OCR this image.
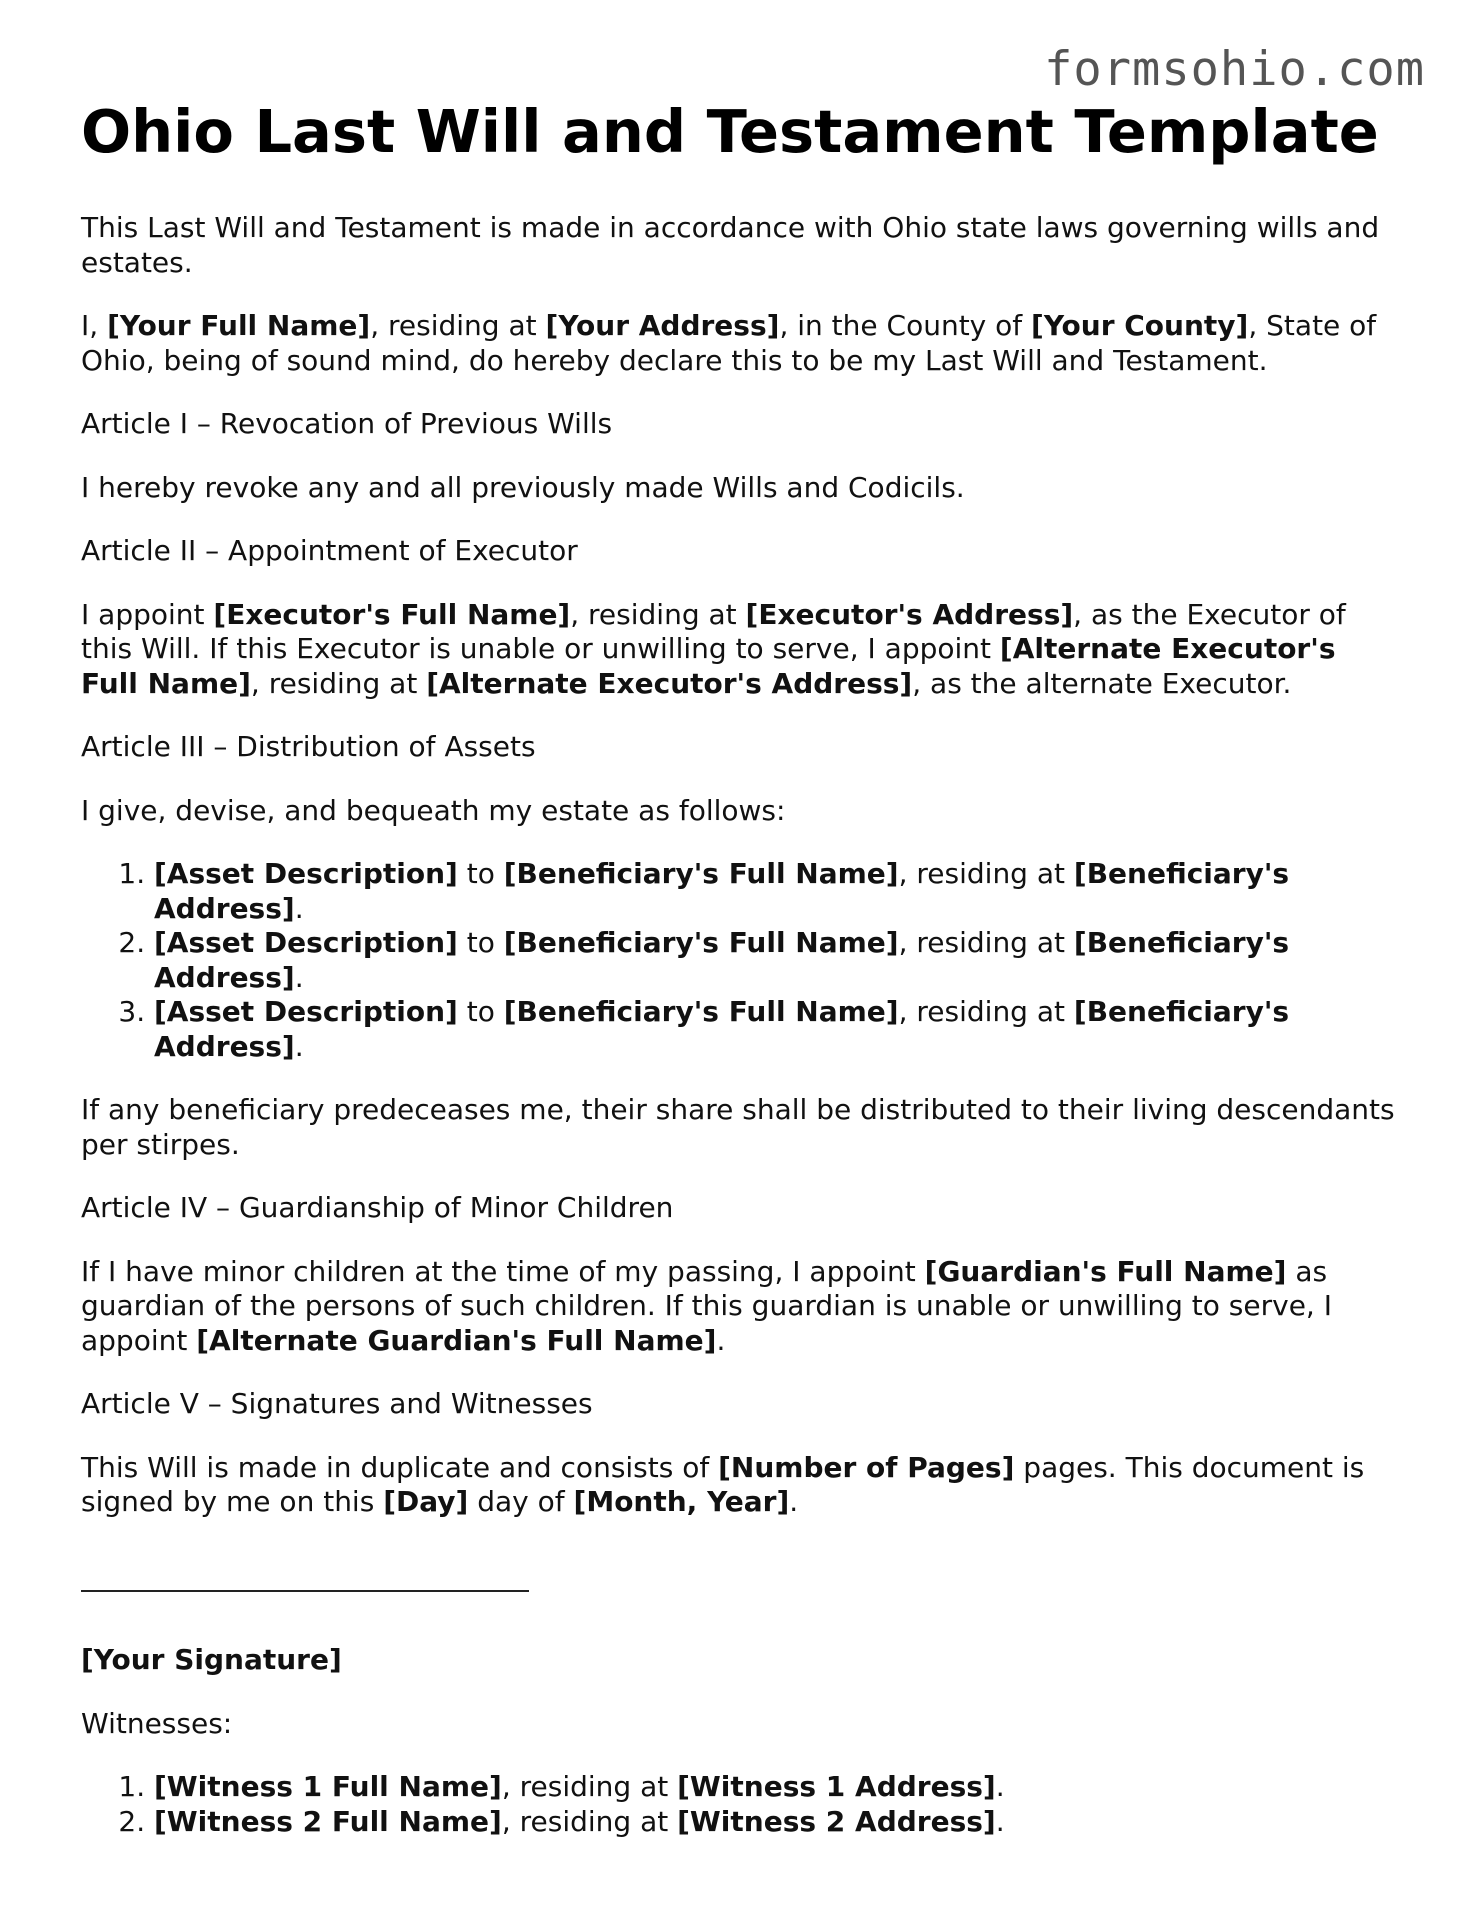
formsohio.com
Ohio Last Will and Testament Template

This Last Will and Testament is made in accordance with Ohio state laws governing wills and estates.

I, [Your Full Name], residing at [Your Address], in the County of [Your County], State of Ohio, being of sound mind, do hereby declare this to be my Last Will and Testament.

Article I – Revocation of Previous Wills

I hereby revoke any and all previously made Wills and Codicils.

Article II – Appointment of Executor

I appoint [Executor's Full Name], residing at [Executor's Address], as the Executor of this Will. If this Executor is unable or unwilling to serve, I appoint [Alternate Executor's Full Name], residing at [Alternate Executor's Address], as the alternate Executor.

Article III – Distribution of Assets

I give, devise, and bequeath my estate as follows:

1. [Asset Description] to [Beneficiary's Full Name], residing at [Beneficiary's Address].
2. [Asset Description] to [Beneficiary's Full Name], residing at [Beneficiary's Address].
3. [Asset Description] to [Beneficiary's Full Name], residing at [Beneficiary's Address].

If any beneficiary predeceases me, their share shall be distributed to their living descendants per stirpes.

Article IV – Guardianship of Minor Children

If I have minor children at the time of my passing, I appoint [Guardian's Full Name] as guardian of the persons of such children. If this guardian is unable or unwilling to serve, I appoint [Alternate Guardian's Full Name].

Article V – Signatures and Witnesses

This Will is made in duplicate and consists of [Number of Pages] pages. This document is signed by me on this [Day] day of [Month, Year].

[Your Signature]

Witnesses:

1. [Witness 1 Full Name], residing at [Witness 1 Address].
2. [Witness 2 Full Name], residing at [Witness 2 Address].
